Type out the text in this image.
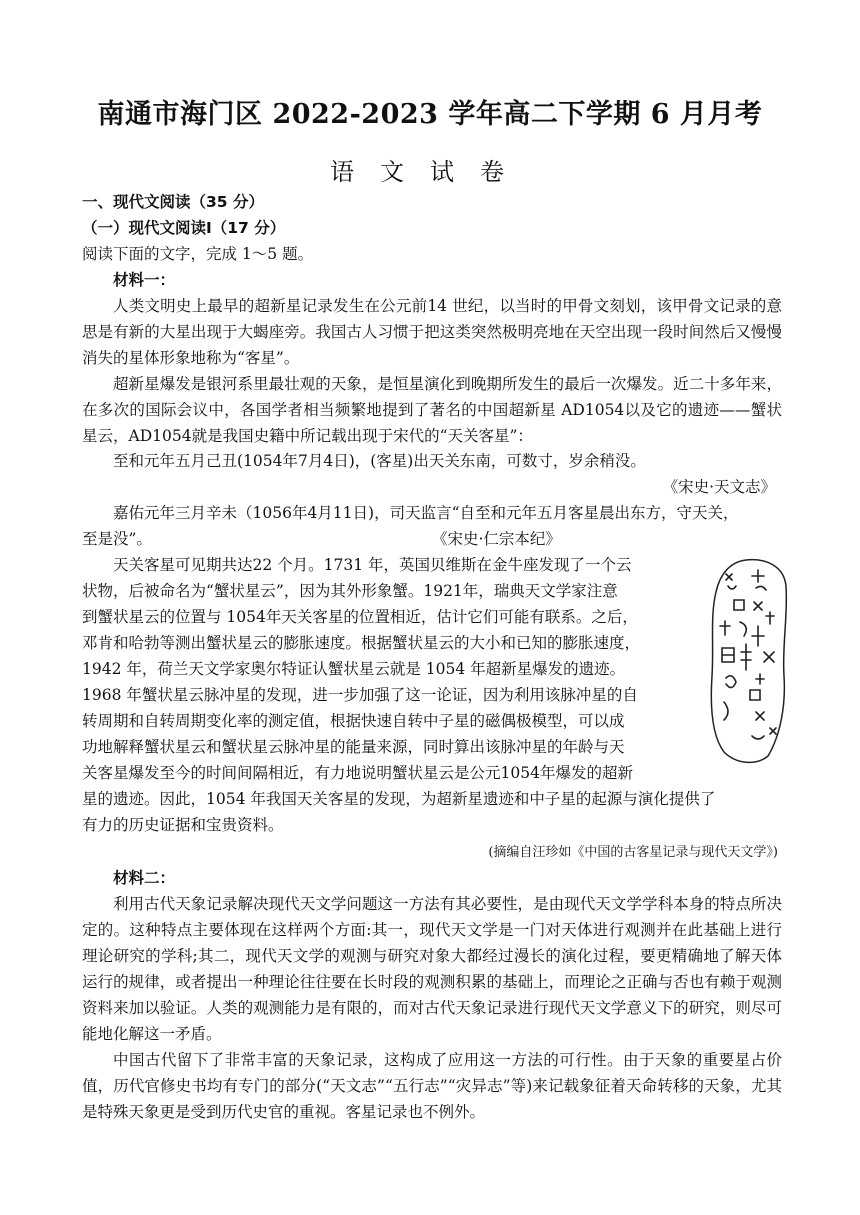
南通市海门区 2022-2023 学年高二下学期 6 月月考
语文试卷
一、现代文阅读（35 分）
（一）现代文阅读Ⅰ（17 分）
阅读下面的文字，完成 1～5 题。
材料一：
人类文明史上最早的超新星记录发生在公元前14 世纪，以当时的甲骨文刻划，该甲骨文记录的意思是有新的大星出现于大蝎座旁。我国古人习惯于把这类突然极明亮地在天空出现一段时间然后又慢慢消失的星体形象地称为“客星”。
超新星爆发是银河系里最壮观的天象，是恒星演化到晚期所发生的最后一次爆发。近二十多年来，在多次的国际会议中，各国学者相当频繁地提到了著名的中国超新星 AD1054以及它的遗迹——蟹状星云，AD1054就是我国史籍中所记载出现于宋代的“天关客星”：
至和元年五月己丑(1054年7月4日)，(客星)出天关东南，可数寸，岁余稍没。
《宋史·天文志》
嘉佑元年三月辛未（1056年4月11日)，司天监言“自至和元年五月客星晨出东方，守天关，
至是没”。	《宋史·仁宗本纪》
天关客星可见期共达22 个月。1731 年，英国贝维斯在金牛座发现了一个云
状物，后被命名为“蟹状星云”，因为其外形象蟹。1921年，瑞典天文学家注意
到蟹状星云的位置与 1054年天关客星的位置相近，估计它们可能有联系。之后，
邓肯和哈勃等测出蟹状星云的膨胀速度。根据蟹状星云的大小和已知的膨胀速度，
1942 年，荷兰天文学家奥尔特证认蟹状星云就是 1054 年超新星爆发的遗迹。
1968 年蟹状星云脉冲星的发现，进一步加强了这一论证，因为利用该脉冲星的自
转周期和自转周期变化率的测定值，根据快速自转中子星的磁偶极模型，可以成
功地解释蟹状星云和蟹状星云脉冲星的能量来源，同时算出该脉冲星的年龄与天
关客星爆发至今的时间间隔相近，有力地说明蟹状星云是公元1054年爆发的超新
星的遗迹。因此，1054 年我国天关客星的发现，为超新星遗迹和中子星的起源与演化提供了
有力的历史证据和宝贵资料。
(摘编自汪珍如《中国的古客星记录与现代天文学》)
材料二：
利用古代天象记录解决现代天文学问题这一方法有其必要性，是由现代天文学学科本身的特点所决定的。这种特点主要体现在这样两个方面:其一，现代天文学是一门对天体进行观测并在此基础上进行理论研究的学科;其二，现代天文学的观测与研究对象大都经过漫长的演化过程，要更精确地了解天体运行的规律，或者提出一种理论往往要在长时段的观测积累的基础上，而理论之正确与否也有赖于观测资料来加以验证。人类的观测能力是有限的，而对古代天象记录进行现代天文学意义下的研究，则尽可能地化解这一矛盾。
中国古代留下了非常丰富的天象记录，这构成了应用这一方法的可行性。由于天象的重要星占价值，历代官修史书均有专门的部分(“天文志”“五行志”“灾异志”等)来记载象征着天命转移的天象，尤其是特殊天象更是受到历代史官的重视。客星记录也不例外。
